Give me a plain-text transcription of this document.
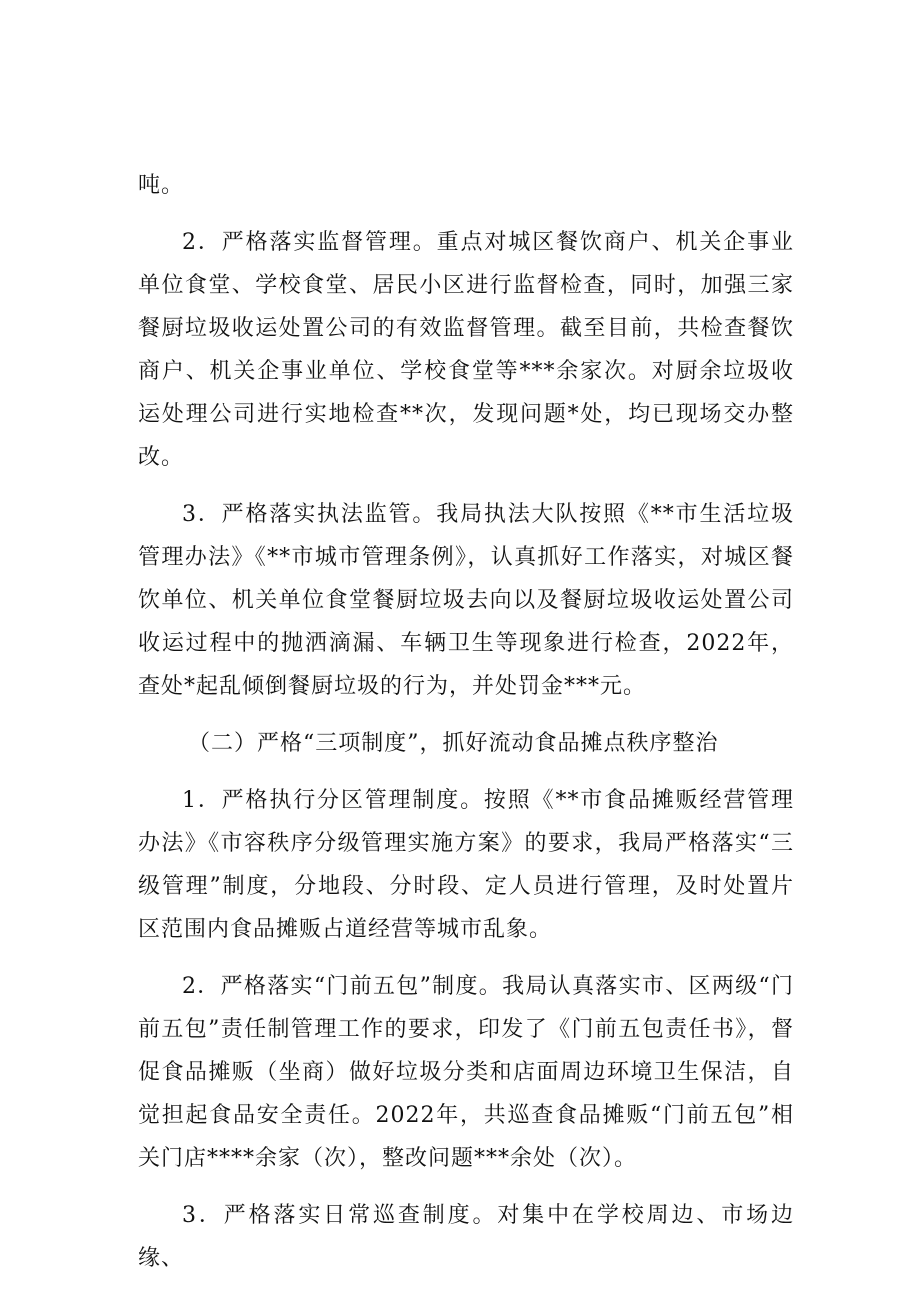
吨。

2．严格落实监督管理。重点对城区餐饮商户、机关企事业单位食堂、学校食堂、居民小区进行监督检查，同时，加强三家餐厨垃圾收运处置公司的有效监督管理。截至目前，共检查餐饮商户、机关企事业单位、学校食堂等***余家次。对厨余垃圾收运处理公司进行实地检查**次，发现问题*处，均已现场交办整改。

3．严格落实执法监管。我局执法大队按照《**市生活垃圾管理办法》《**市城市管理条例》，认真抓好工作落实，对城区餐饮单位、机关单位食堂餐厨垃圾去向以及餐厨垃圾收运处置公司收运过程中的抛洒滴漏、车辆卫生等现象进行检查，2022年，查处*起乱倾倒餐厨垃圾的行为，并处罚金***元。

（二）严格“三项制度”，抓好流动食品摊点秩序整治

1．严格执行分区管理制度。按照《**市食品摊贩经营管理办法》《市容秩序分级管理实施方案》的要求，我局严格落实“三级管理”制度，分地段、分时段、定人员进行管理，及时处置片区范围内食品摊贩占道经营等城市乱象。

2．严格落实“门前五包”制度。我局认真落实市、区两级“门前五包”责任制管理工作的要求，印发了《门前五包责任书》，督促食品摊贩（坐商）做好垃圾分类和店面周边环境卫生保洁，自觉担起食品安全责任。2022年，共巡查食品摊贩“门前五包”相关门店****余家（次），整改问题***余处（次）。

3．严格落实日常巡查制度。对集中在学校周边、市场边缘、
